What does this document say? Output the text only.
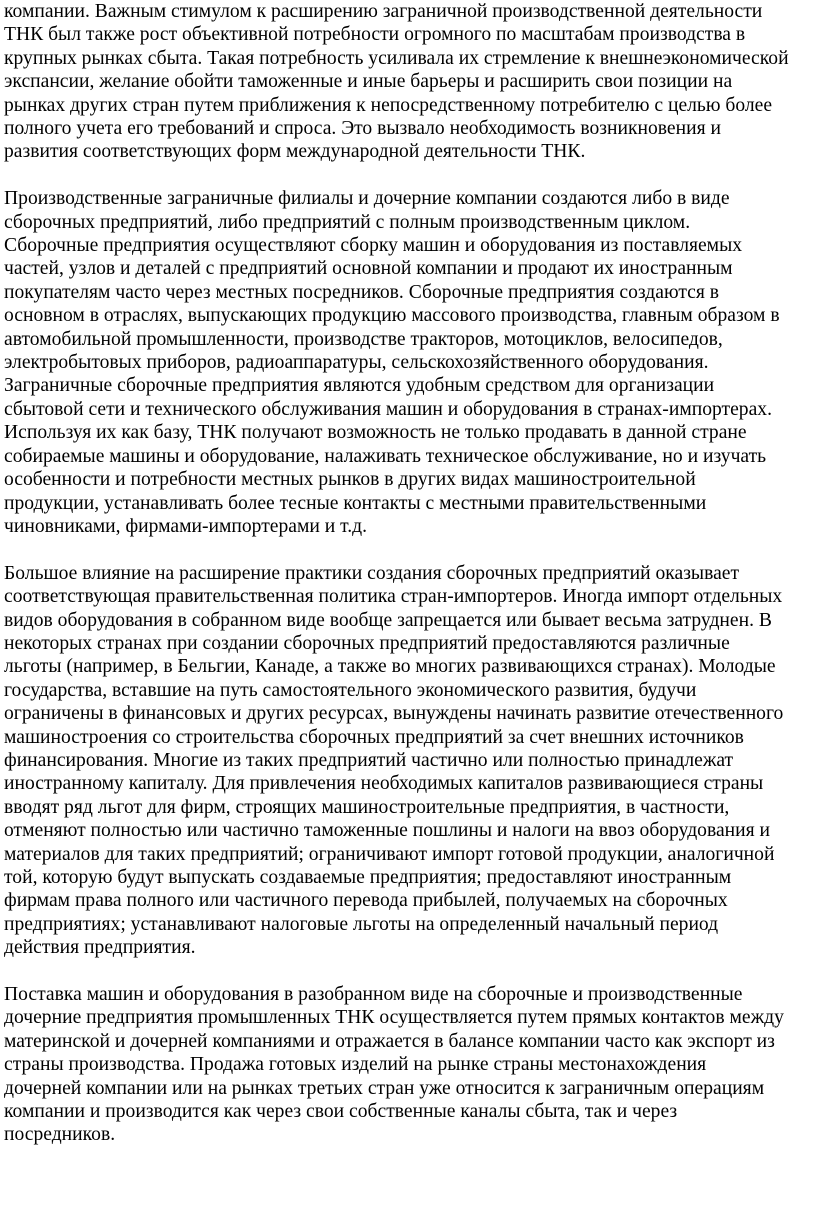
компании. Важным стимулом к расширению заграничной производственной деятельности
ТНК был также рост объективной потребности огромного по масштабам производства в
крупных рынках сбыта. Такая потребность усиливала их стремление к внешнеэкономической
экспансии, желание обойти таможенные и иные барьеры и расширить свои позиции на
рынках других стран путем приближения к непосредственному потребителю с целью более
полного учета его требований и спроса. Это вызвало необходимость возникновения и
развития соответствующих форм международной деятельности ТНК.

Производственные заграничные филиалы и дочерние компании создаются либо в виде
сборочных предприятий, либо предприятий с полным производственным циклом.
Сборочные предприятия осуществляют сборку машин и оборудования из поставляемых
частей, узлов и деталей с предприятий основной компании и продают их иностранным
покупателям часто через местных посредников. Сборочные предприятия создаются в
основном в отраслях, выпускающих продукцию массового производства, главным образом в
автомобильной промышленности, производстве тракторов, мотоциклов, велосипедов,
электробытовых приборов, радиоаппаратуры, сельскохозяйственного оборудования.
Заграничные сборочные предприятия являются удобным средством для организации
сбытовой сети и технического обслуживания машин и оборудования в странах-импортерах.
Используя их как базу, ТНК получают возможность не только продавать в данной стране
собираемые машины и оборудование, налаживать техническое обслуживание, но и изучать
особенности и потребности местных рынков в других видах машиностроительной
продукции, устанавливать более тесные контакты с местными правительственными
чиновниками, фирмами-импортерами и т.д.

Большое влияние на расширение практики создания сборочных предприятий оказывает
соответствующая правительственная политика стран-импортеров. Иногда импорт отдельных
видов оборудования в собранном виде вообще запрещается или бывает весьма затруднен. В
некоторых странах при создании сборочных предприятий предоставляются различные
льготы (например, в Бельгии, Канаде, а также во многих развивающихся странах). Молодые
государства, вставшие на путь самостоятельного экономического развития, будучи
ограничены в финансовых и других ресурсах, вынуждены начинать развитие отечественного
машиностроения со строительства сборочных предприятий за счет внешних источников
финансирования. Многие из таких предприятий частично или полностью принадлежат
иностранному капиталу. Для привлечения необходимых капиталов развивающиеся страны
вводят ряд льгот для фирм, строящих машиностроительные предприятия, в частности,
отменяют полностью или частично таможенные пошлины и налоги на ввоз оборудования и
материалов для таких предприятий; ограничивают импорт готовой продукции, аналогичной
той, которую будут выпускать создаваемые предприятия; предоставляют иностранным
фирмам права полного или частичного перевода прибылей, получаемых на сборочных
предприятиях; устанавливают налоговые льготы на определенный начальный период
действия предприятия.

Поставка машин и оборудования в разобранном виде на сборочные и производственные
дочерние предприятия промышленных ТНК осуществляется путем прямых контактов между
материнской и дочерней компаниями и отражается в балансе компании часто как экспорт из
страны производства. Продажа готовых изделий на рынке страны местонахождения
дочерней компании или на рынках третьих стран уже относится к заграничным операциям
компании и производится как через свои собственные каналы сбыта, так и через
посредников.
